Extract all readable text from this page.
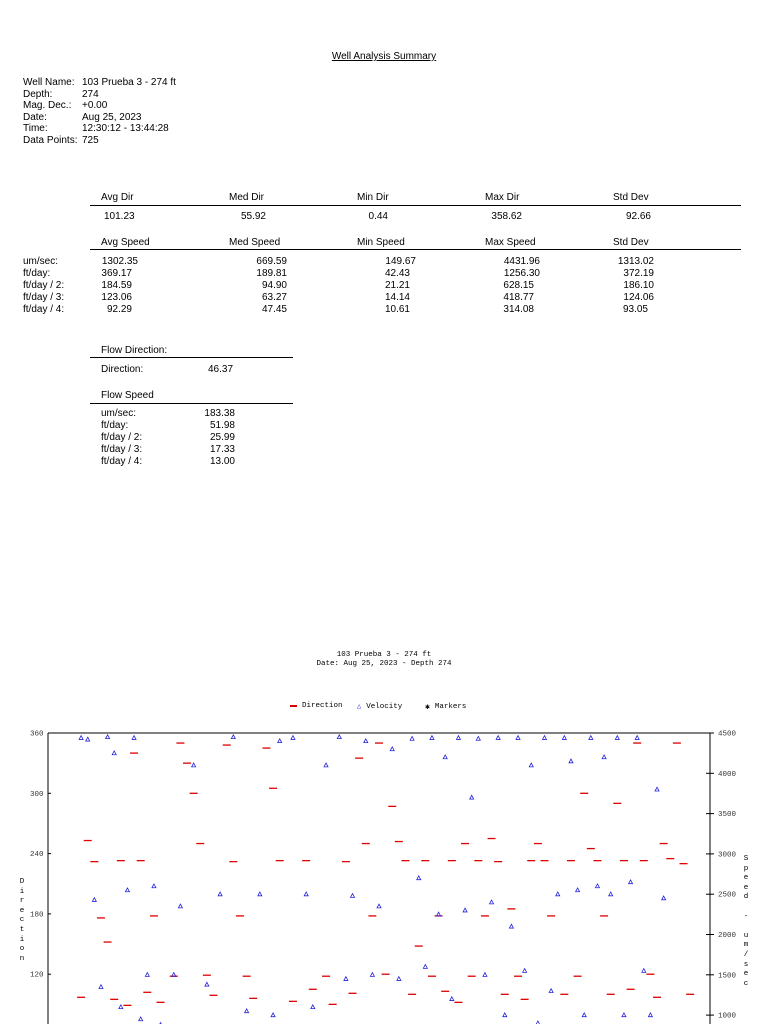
Well Analysis Summary
Well Name: 103 Prueba 3 - 274 ft
Depth:	274
Mag. Dec.:	+0.00
Date:	Aug 25, 2023
Time:	12:30:12 - 13:44:28
Data Points: 725
Avg Dir	Med Dir	Min Dir	Max Dir	Std Dev
101.23	55.92	0.44	358.62	92.66
Avg Speed	Med Speed	Min Speed	Max Speed	Std Dev
um/sec:	1302.35	669.59	149.67	4431.96	1313.02
ft/day:	369.17	189.81	42.43	1256.30	372.19
ft/day / 2:	184.59	94.90	21.21	628.15	186.10
ft/day / 3:	123.06	63.27	14.14	418.77	124.06
ft/day / 4:	92.29	47.45	10.61	314.08	93.05
Flow Direction:
Direction:	46.37
Flow Speed
um/sec:	183.38
ft/day:	51.98
ft/day / 2:	25.99
ft/day / 3:	17.33
ft/day / 4:	13.00
103 Prueba 3 - 274 ft
Date: Aug 25, 2023 - Depth 274
Direction △ Velocity	✱ Markers
360
300
240
180
120
4500
4000
3500
3000
2500
2000
1500
1000
D
i
r
e
c
t
i
o
n
S
p
e
e
d

-

u
m
/
s
e
c
